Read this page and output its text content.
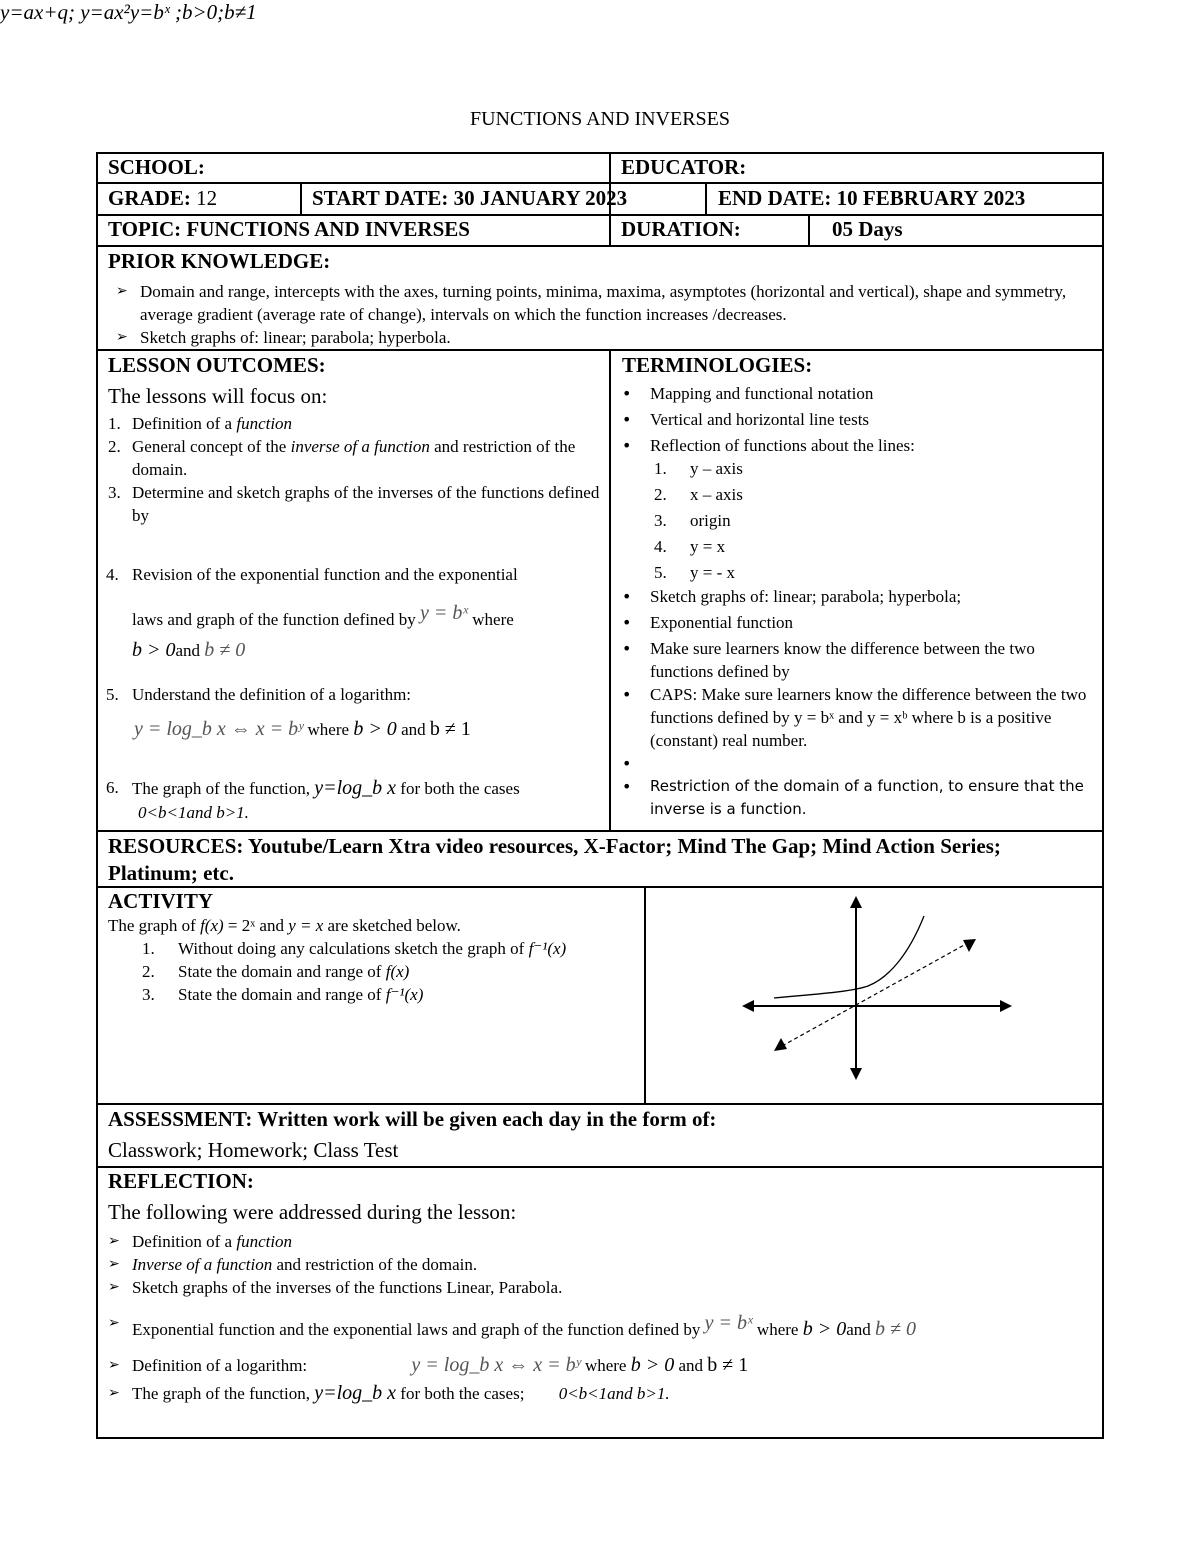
FUNCTIONS AND INVERSES
SCHOOL:	EDUCATOR:
GRADE: 12	START DATE: 30 JANUARY 2023	END DATE: 10 FEBRUARY 2023
TOPIC: FUNCTIONS AND INVERSES	DURATION:	05 Days
PRIOR KNOWLEDGE:
➢ Domain and range, intercepts with the axes, turning points, minima, maxima, asymptotes (horizontal and vertical), shape and symmetry, average gradient (average rate of change), intervals on which the function increases /decreases.
➢ Sketch graphs of: linear; parabola; hyperbola.
LESSON OUTCOMES:
The lessons will focus on:
1. Definition of a function
2. General concept of the inverse of a function and restriction of the domain.
3. Determine and sketch graphs of the inverses of the functions defined by
y=ax+q; y=ax²y=bˣ ;b>0;b≠1
4. Revision of the exponential function and the exponential
laws and graph of the function defined by y = bˣ where
b > 0and b ≠ 0
5. Understand the definition of a logarithm:
y = log_b x ⇔ x = bʸ where b > 0 and b ≠ 1
6. The graph of the function, y=log_b x for both the cases
0<b<1and b>1.
TERMINOLOGIES:
• Mapping and functional notation
• Vertical and horizontal line tests
• Reflection of functions about the lines:
1. y – axis
2. x – axis
3. origin
4. y = x
5. y = - x
• Sketch graphs of: linear; parabola; hyperbola;
• Exponential function
• Make sure learners know the difference between the two functions defined by
• CAPS: Make sure learners know the difference between the two functions defined by y = bˣ and y = xᵇ where b is a positive (constant) real number.
•
• Restriction of the domain of a function, to ensure that the inverse is a function.
RESOURCES: Youtube/Learn Xtra video resources, X-Factor; Mind The Gap; Mind Action Series; Platinum; etc.
ACTIVITY
The graph of f(x) = 2ˣ and y = x are sketched below.
1. Without doing any calculations sketch the graph of f⁻¹(x)
2. State the domain and range of f(x)
3. State the domain and range of f⁻¹(x)
ASSESSMENT: Written work will be given each day in the form of:
Classwork; Homework; Class Test
REFLECTION:
The following were addressed during the lesson:
➢ Definition of a function
➢ Inverse of a function and restriction of the domain.
➢ Sketch graphs of the inverses of the functions Linear, Parabola.
➢ Exponential function and the exponential laws and graph of the function defined by y = bˣ where b > 0and b ≠ 0
➢ Definition of a logarithm:	y = log_b x ⇔ x = bʸ where b > 0 and b ≠ 1
➢ The graph of the function, y=log_b x for both the cases; 0<b<1and b>1.
